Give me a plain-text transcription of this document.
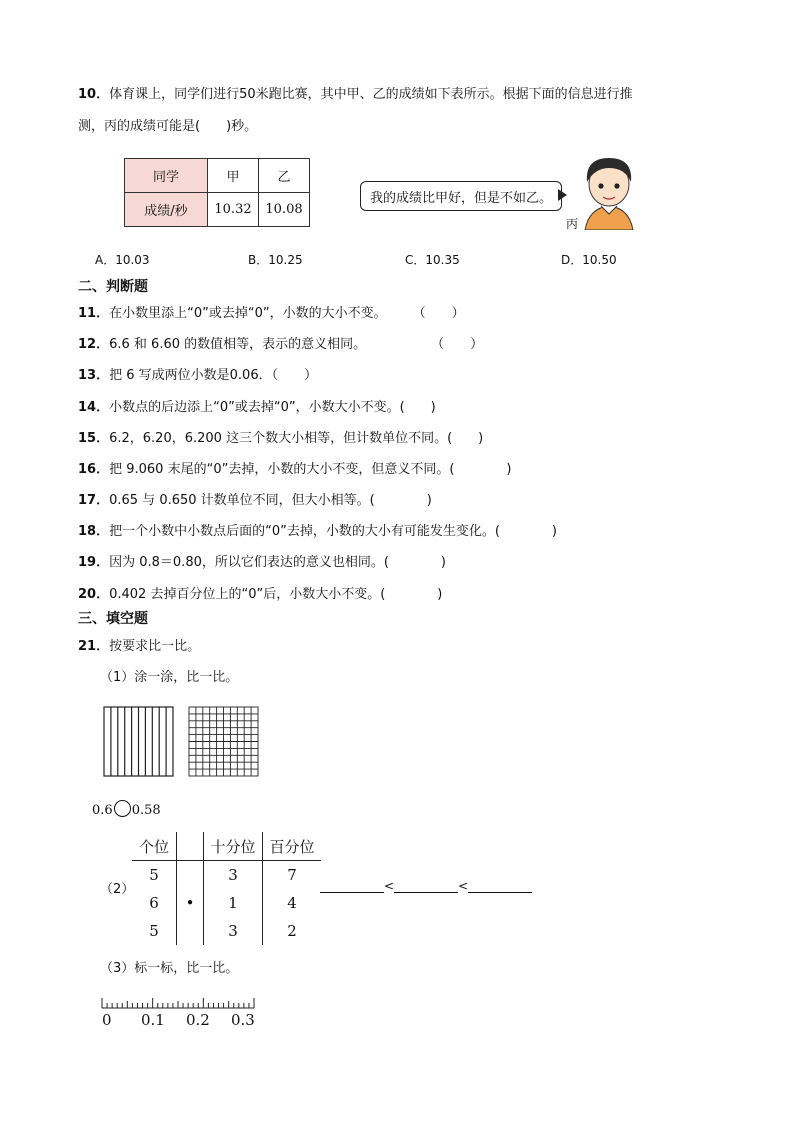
10．体育课上，同学们进行50米跑比赛，其中甲、乙的成绩如下表所示。根据下面的信息进行推
测，丙的成绩可能是(　　)秒。
同学	甲	乙
成绩/秒	10.32	10.08
我的成绩比甲好，但是不如乙。
丙
A．10.03	B．10.25	C．10.35	D．10.50
二、判断题
11．在小数里添上“0”或去掉“0”，小数的大小不变。　　　（　　）
12．6.6 和 6.60 的数值相等，表示的意义相同。　　　　　　（　　）
13．把 6 写成两位小数是0.06．（　　）
14．小数点的后边添上“0”或去掉“0”，小数大小不变。(　　)
15．6.2，6.20，6.200 这三个数大小相等，但计数单位不同。(　　)
16．把 9.060 末尾的“0”去掉，小数的大小不变，但意义不同。(　　　　)
17．0.65 与 0.650 计数单位不同，但大小相等。(　　　　)
18．把一个小数中小数点后面的“0”去掉，小数的大小有可能发生变化。(　　　　)
19．因为 0.8＝0.80，所以它们表达的意义也相同。(　　　　)
20．0.402 去掉百分位上的“0”后，小数大小不变。(　　　　)
三、填空题
21．按要求比一比。
（1）涂一涂，比一比。
0.6 0.58
（2）
个位		十分位	百分位
5		3	7
6	•	1	4
5		3	2
<	<
（3）标一标，比一比。
0 0.1 0.2 0.3
